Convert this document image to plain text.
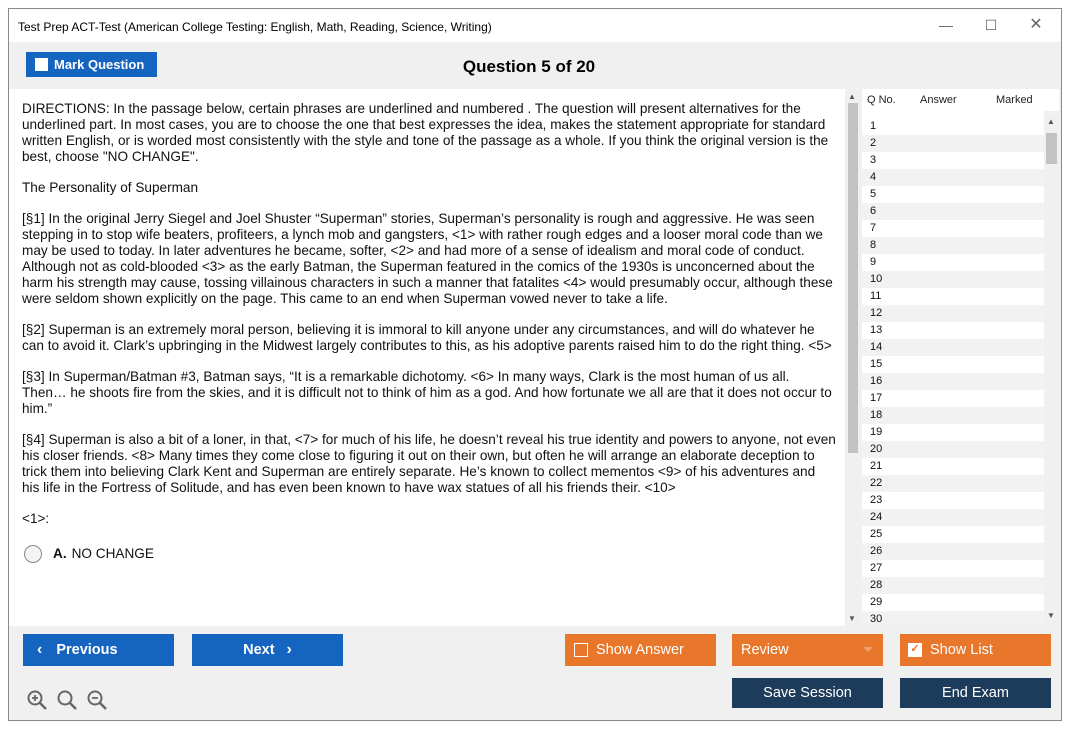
Test Prep ACT-Test (American College Testing: English, Math, Reading, Science, Writing)	—	☐	✕
Mark Question	Question 5 of 20

DIRECTIONS: In the passage below, certain phrases are underlined and numbered . The question will present alternatives for the underlined part. In most cases, you are to choose the one that best expresses the idea, makes the statement appropriate for standard written English, or is worded most consistently with the style and tone of the passage as a whole. If you think the original version is the best, choose "NO CHANGE".

The Personality of Superman

[§1] In the original Jerry Siegel and Joel Shuster “Superman” stories, Superman’s personality is rough and aggressive. He was seen stepping in to stop wife beaters, profiteers, a lynch mob and gangsters, <1> with rather rough edges and a looser moral code than we may be used to today. In later adventures he became, softer, <2> and had more of a sense of idealism and moral code of conduct. Although not as cold-blooded <3> as the early Batman, the Superman featured in the comics of the 1930s is unconcerned about the harm his strength may cause, tossing villainous characters in such a manner that fatalites <4> would presumably occur, although these were seldom shown explicitly on the page. This came to an end when Superman vowed never to take a life.

[§2] Superman is an extremely moral person, believing it is immoral to kill anyone under any circumstances, and will do whatever he can to avoid it. Clark’s upbringing in the Midwest largely contributes to this, as his adoptive parents raised him to do the right thing. <5>

[§3] In Superman/Batman #3, Batman says, “It is a remarkable dichotomy. <6> In many ways, Clark is the most human of us all. Then… he shoots fire from the skies, and it is difficult not to think of him as a god. And how fortunate we all are that it does not occur to him.”

[§4] Superman is also a bit of a loner, in that, <7> for much of his life, he doesn’t reveal his true identity and powers to anyone, not even his closer friends. <8> Many times they come close to figuring it out on their own, but often he will arrange an elaborate deception to trick them into believing Clark Kent and Superman are entirely separate. He’s known to collect mementos <9> of his adventures and his life in the Fortress of Solitude, and has even been known to have wax statues of all his friends their. <10>

<1>:

A. NO CHANGE
▲
▼
Q No. Answer	Marked
1
2
3
4
5
6
7
8
9
10
11
12
13
14
15
16
17
18
19
20
21
22
23
24
25
26
27
28
29
30
▲
▼
‹ Previous	Next ›	Show Answer	Review	✓ Show List
Save Session	End Exam
